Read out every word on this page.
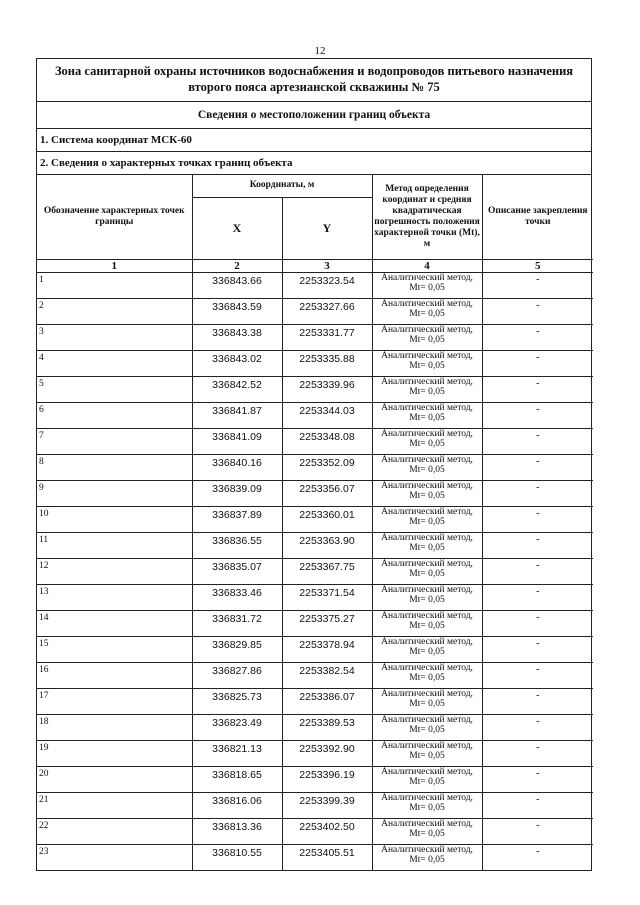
12
Зона санитарной охраны источников водоснабжения и водопроводов питьевого назначения второго пояса артезианской скважины № 75
Сведения о местоположении границ объекта
1. Система координат МСК-60
2. Сведения о характерных точках границ объекта
Обозначение характерных точек границы	Координаты, м		Метод определения координат и средняя квадратическая погрешность положения характерной точки (Mt), м	Описание закрепления точки
	X	Y		
1	2	3	4	5
1	336843.66	2253323.54	Аналитический метод,
Mt= 0,05	-
2	336843.59	2253327.66	Аналитический метод,
Mt= 0,05	-
3	336843.38	2253331.77	Аналитический метод,
Mt= 0,05	-
4	336843.02	2253335.88	Аналитический метод,
Mt= 0,05	-
5	336842.52	2253339.96	Аналитический метод,
Mt= 0,05	-
6	336841.87	2253344.03	Аналитический метод,
Mt= 0,05	-
7	336841.09	2253348.08	Аналитический метод,
Mt= 0,05	-
8	336840.16	2253352.09	Аналитический метод,
Mt= 0,05	-
9	336839.09	2253356.07	Аналитический метод,
Mt= 0,05	-
10	336837.89	2253360.01	Аналитический метод,
Mt= 0,05	-
11	336836.55	2253363.90	Аналитический метод,
Mt= 0,05	-
12	336835.07	2253367.75	Аналитический метод,
Mt= 0,05	-
13	336833.46	2253371.54	Аналитический метод,
Mt= 0,05	-
14	336831.72	2253375.27	Аналитический метод,
Mt= 0,05	-
15	336829.85	2253378.94	Аналитический метод,
Mt= 0,05	-
16	336827.86	2253382.54	Аналитический метод,
Mt= 0,05	-
17	336825.73	2253386.07	Аналитический метод,
Mt= 0,05	-
18	336823.49	2253389.53	Аналитический метод,
Mt= 0,05	-
19	336821.13	2253392.90	Аналитический метод,
Mt= 0,05	-
20	336818.65	2253396.19	Аналитический метод,
Mt= 0,05	-
21	336816.06	2253399.39	Аналитический метод,
Mt= 0,05	-
22	336813.36	2253402.50	Аналитический метод,
Mt= 0,05	-
23	336810.55	2253405.51	Аналитический метод,
Mt= 0,05	-
